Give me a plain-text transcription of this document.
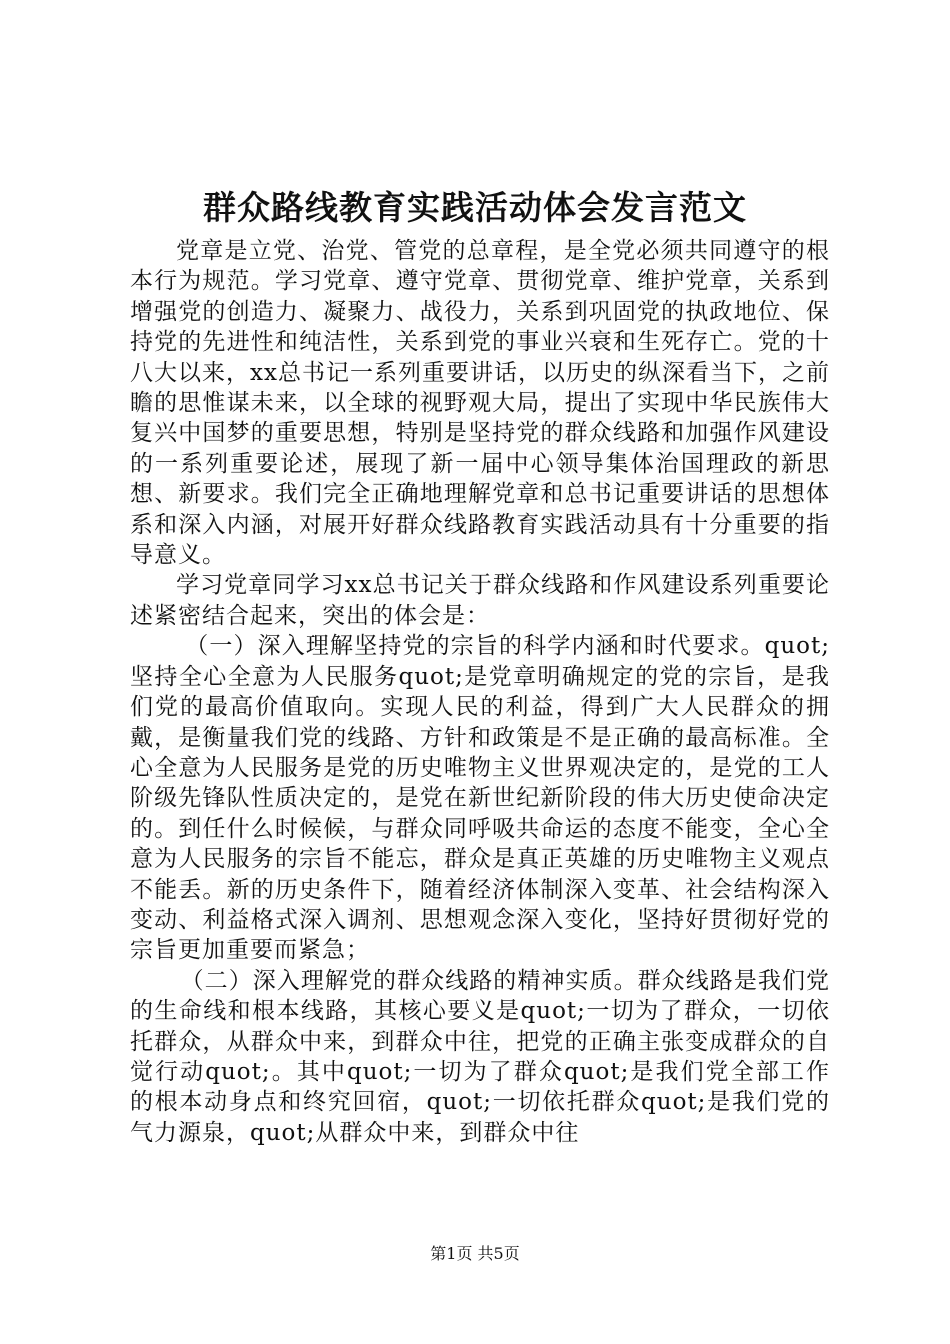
群众路线教育实践活动体会发言范文

党章是立党、治党、管党的总章程，是全党必须共同遵守的根本行为规范。学习党章、遵守党章、贯彻党章、维护党章，关系到增强党的创造力、凝聚力、战役力，关系到巩固党的执政地位、保持党的先进性和纯洁性，关系到党的事业兴衰和生死存亡。党的十八大以来，xx总书记一系列重要讲话，以历史的纵深看当下，之前瞻的思惟谋未来，以全球的视野观大局，提出了实现中华民族伟大复兴中国梦的重要思想，特别是坚持党的群众线路和加强作风建设的一系列重要论述，展现了新一届中心领导集体治国理政的新思想、新要求。我们完全正确地理解党章和总书记重要讲话的思想体系和深入内涵，对展开好群众线路教育实践活动具有十分重要的指导意义。

学习党章同学习xx总书记关于群众线路和作风建设系列重要论述紧密结合起来，突出的体会是：

（一）深入理解坚持党的宗旨的科学内涵和时代要求。quot;坚持全心全意为人民服务quot;是党章明确规定的党的宗旨，是我们党的最高价值取向。实现人民的利益，得到广大人民群众的拥戴，是衡量我们党的线路、方针和政策是不是正确的最高标准。全心全意为人民服务是党的历史唯物主义世界观决定的，是党的工人阶级先锋队性质决定的，是党在新世纪新阶段的伟大历史使命决定的。到任什么时候候，与群众同呼吸共命运的态度不能变，全心全意为人民服务的宗旨不能忘，群众是真正英雄的历史唯物主义观点不能丢。新的历史条件下，随着经济体制深入变革、社会结构深入变动、利益格式深入调剂、思想观念深入变化，坚持好贯彻好党的宗旨更加重要而紧急；

（二）深入理解党的群众线路的精神实质。群众线路是我们党的生命线和根本线路，其核心要义是quot;一切为了群众，一切依托群众，从群众中来，到群众中往，把党的正确主张变成群众的自觉行动quot;。其中quot;一切为了群众quot;是我们党全部工作的根本动身点和终究回宿，quot;一切依托群众quot;是我们党的气力源泉，quot;从群众中来，到群众中往

第1页 共5页
